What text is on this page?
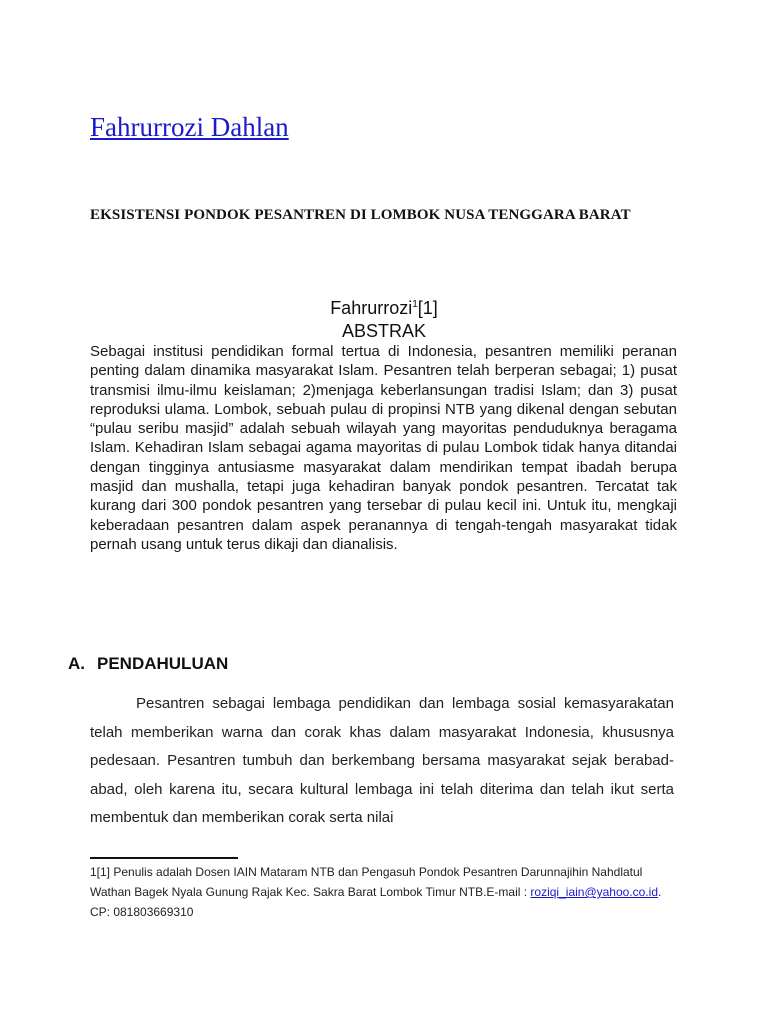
Fahrurrozi Dahlan
EKSISTENSI PONDOK PESANTREN DI LOMBOK NUSA TENGGARA BARAT
Fahrurrozi$^1$[1]
ABSTRAK
Sebagai institusi pendidikan formal tertua di Indonesia, pesantren memiliki peranan penting dalam dinamika masyarakat Islam. Pesantren telah berperan sebagai; 1) pusat transmisi ilmu-ilmu keislaman; 2)menjaga keberlansungan tradisi Islam; dan 3) pusat reproduksi ulama. Lombok, sebuah pulau di propinsi NTB yang dikenal dengan sebutan “pulau seribu masjid” adalah sebuah wilayah yang mayoritas penduduknya beragama Islam. Kehadiran Islam sebagai agama mayoritas di pulau Lombok tidak hanya ditandai dengan tingginya antusiasme masyarakat dalam mendirikan tempat ibadah berupa masjid dan mushalla, tetapi juga kehadiran banyak pondok pesantren. Tercatat tak kurang dari 300 pondok pesantren yang tersebar di pulau kecil ini. Untuk itu, mengkaji keberadaan pesantren dalam aspek peranannya di tengah-tengah masyarakat tidak pernah usang untuk terus dikaji dan dianalisis.
A. PENDAHULUAN
Pesantren sebagai lembaga pendidikan dan lembaga sosial kemasyarakatan telah memberikan warna dan corak khas dalam masyarakat Indonesia, khususnya pedesaan. Pesantren tumbuh dan berkembang bersama masyarakat sejak berabad-abad, oleh karena itu, secara kultural lembaga ini telah diterima dan telah ikut serta membentuk dan memberikan corak serta nilai
1[1] Penulis adalah Dosen IAIN Mataram NTB dan Pengasuh Pondok Pesantren Darunnajihin Nahdlatul Wathan Bagek Nyala Gunung Rajak Kec. Sakra Barat Lombok Timur NTB.E-mail : roziqi_iain@yahoo.co.id. CP: 081803669310
